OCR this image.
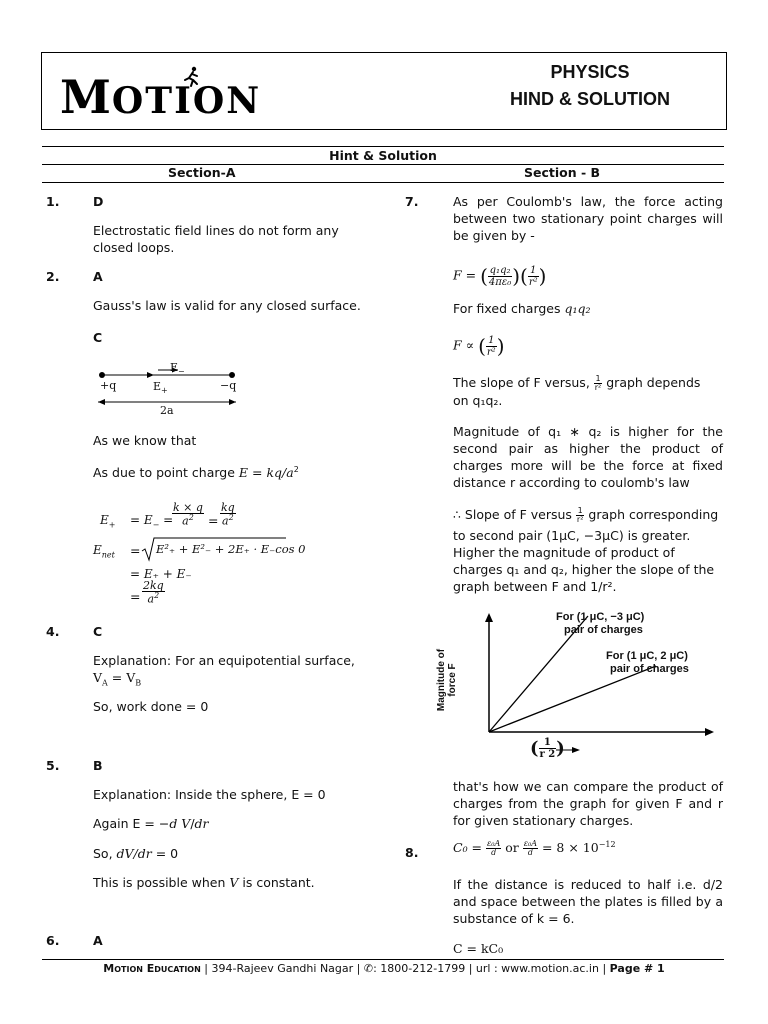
MOTION
PHYSICS
HIND & SOLUTION
Hint & Solution
Section-A	Section - B
1.	D
Electrostatic field lines do not form any closed loops.
2.	A
Gauss's law is valid for any closed surface.
C
+q	−q
$E_-$
$E_+$
2a
As we know that
As due to point charge $E = kq/a^2$
$E_+ = E_-$ =
$\frac{k \times q}{a^2} = \frac{kq}{a^2}$
$E_{net} = E^2_+ + E^2_- + 2E_+ \cdot E_-\cos$ 0
= E₊ + E₋
= $\frac{2kq}{a^2}$
4.	C
Explanation: For an equipotential surface,
$V_A = V_B$
So, work done = 0
5.	B
Explanation: Inside the sphere, E = 0
Again E = −d V/dr
So, dV/dr = 0
This is possible when V is constant.
6.	A
7.	As per Coulomb's law, the force acting between two stationary point charges will be given by -
F = ( $\frac{\text{q₁q₂}}{\text{4πε₀}}$ )( $\frac{1}{\text{r²}}$ )
For fixed charges q₁q₂
F ∝ ( $\frac{1}{\text{r²}}$ )
The slope of F versus, $\frac{1}{\text{r²}}$ graph depends
on q₁q₂.
Magnitude of q₁ ∗ q₂ is higher for the second pair as higher the product of charges more will be the force at fixed distance r according to coulomb's law
∴ Slope of F versus $\frac{1}{\text{r²}}$ graph corresponding
to second pair (1μC, −3μC) is greater. Higher the magnitude of product of charges q₁ and q₂, higher the slope of the graph between F and 1/r².
Magnitude of force F
For (1 μC, −3 μC)
pair of charges
For (1 μC, 2 μC)
pair of charges
( $\frac{1}{r 2}$ )
that's how we can compare the product of charges from the graph for given F and r for given stationary charges.
8.	$C_0 = \frac{\text{ε₀A}}{d}$ or $\frac{\text{ε₀A}}{d} = 8 \times 10^{-12}$
If the distance is reduced to half i.e. d/2 and space between the plates is filled by a substance of k = 6.
C = kC₀
Motion Education | 394-Rajeev Gandhi Nagar | ✆: 1800-212-1799 | url : www.motion.ac.in | Page # 1
